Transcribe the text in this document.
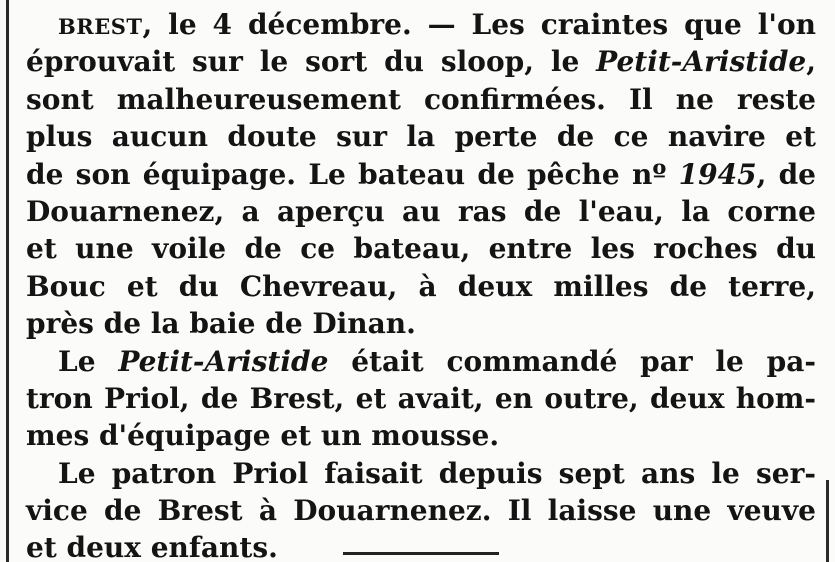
BREST, le 4 décembre. — Les craintes que l'on
éprouvait sur le sort du sloop, le Petit-Aristide,
sont malheureusement confirmées. Il ne reste
plus aucun doute sur la perte de ce navire et
de son équipage. Le bateau de pêche nº 1945, de
Douarnenez, a aperçu au ras de l'eau, la corne
et une voile de ce bateau, entre les roches du
Bouc et du Chevreau, à deux milles de terre,
près de la baie de Dinan.
Le Petit-Aristide était commandé par le pa-
tron Priol, de Brest, et avait, en outre, deux hom-
mes d'équipage et un mousse.
Le patron Priol faisait depuis sept ans le ser-
vice de Brest à Douarnenez. Il laisse une veuve
et deux enfants.
